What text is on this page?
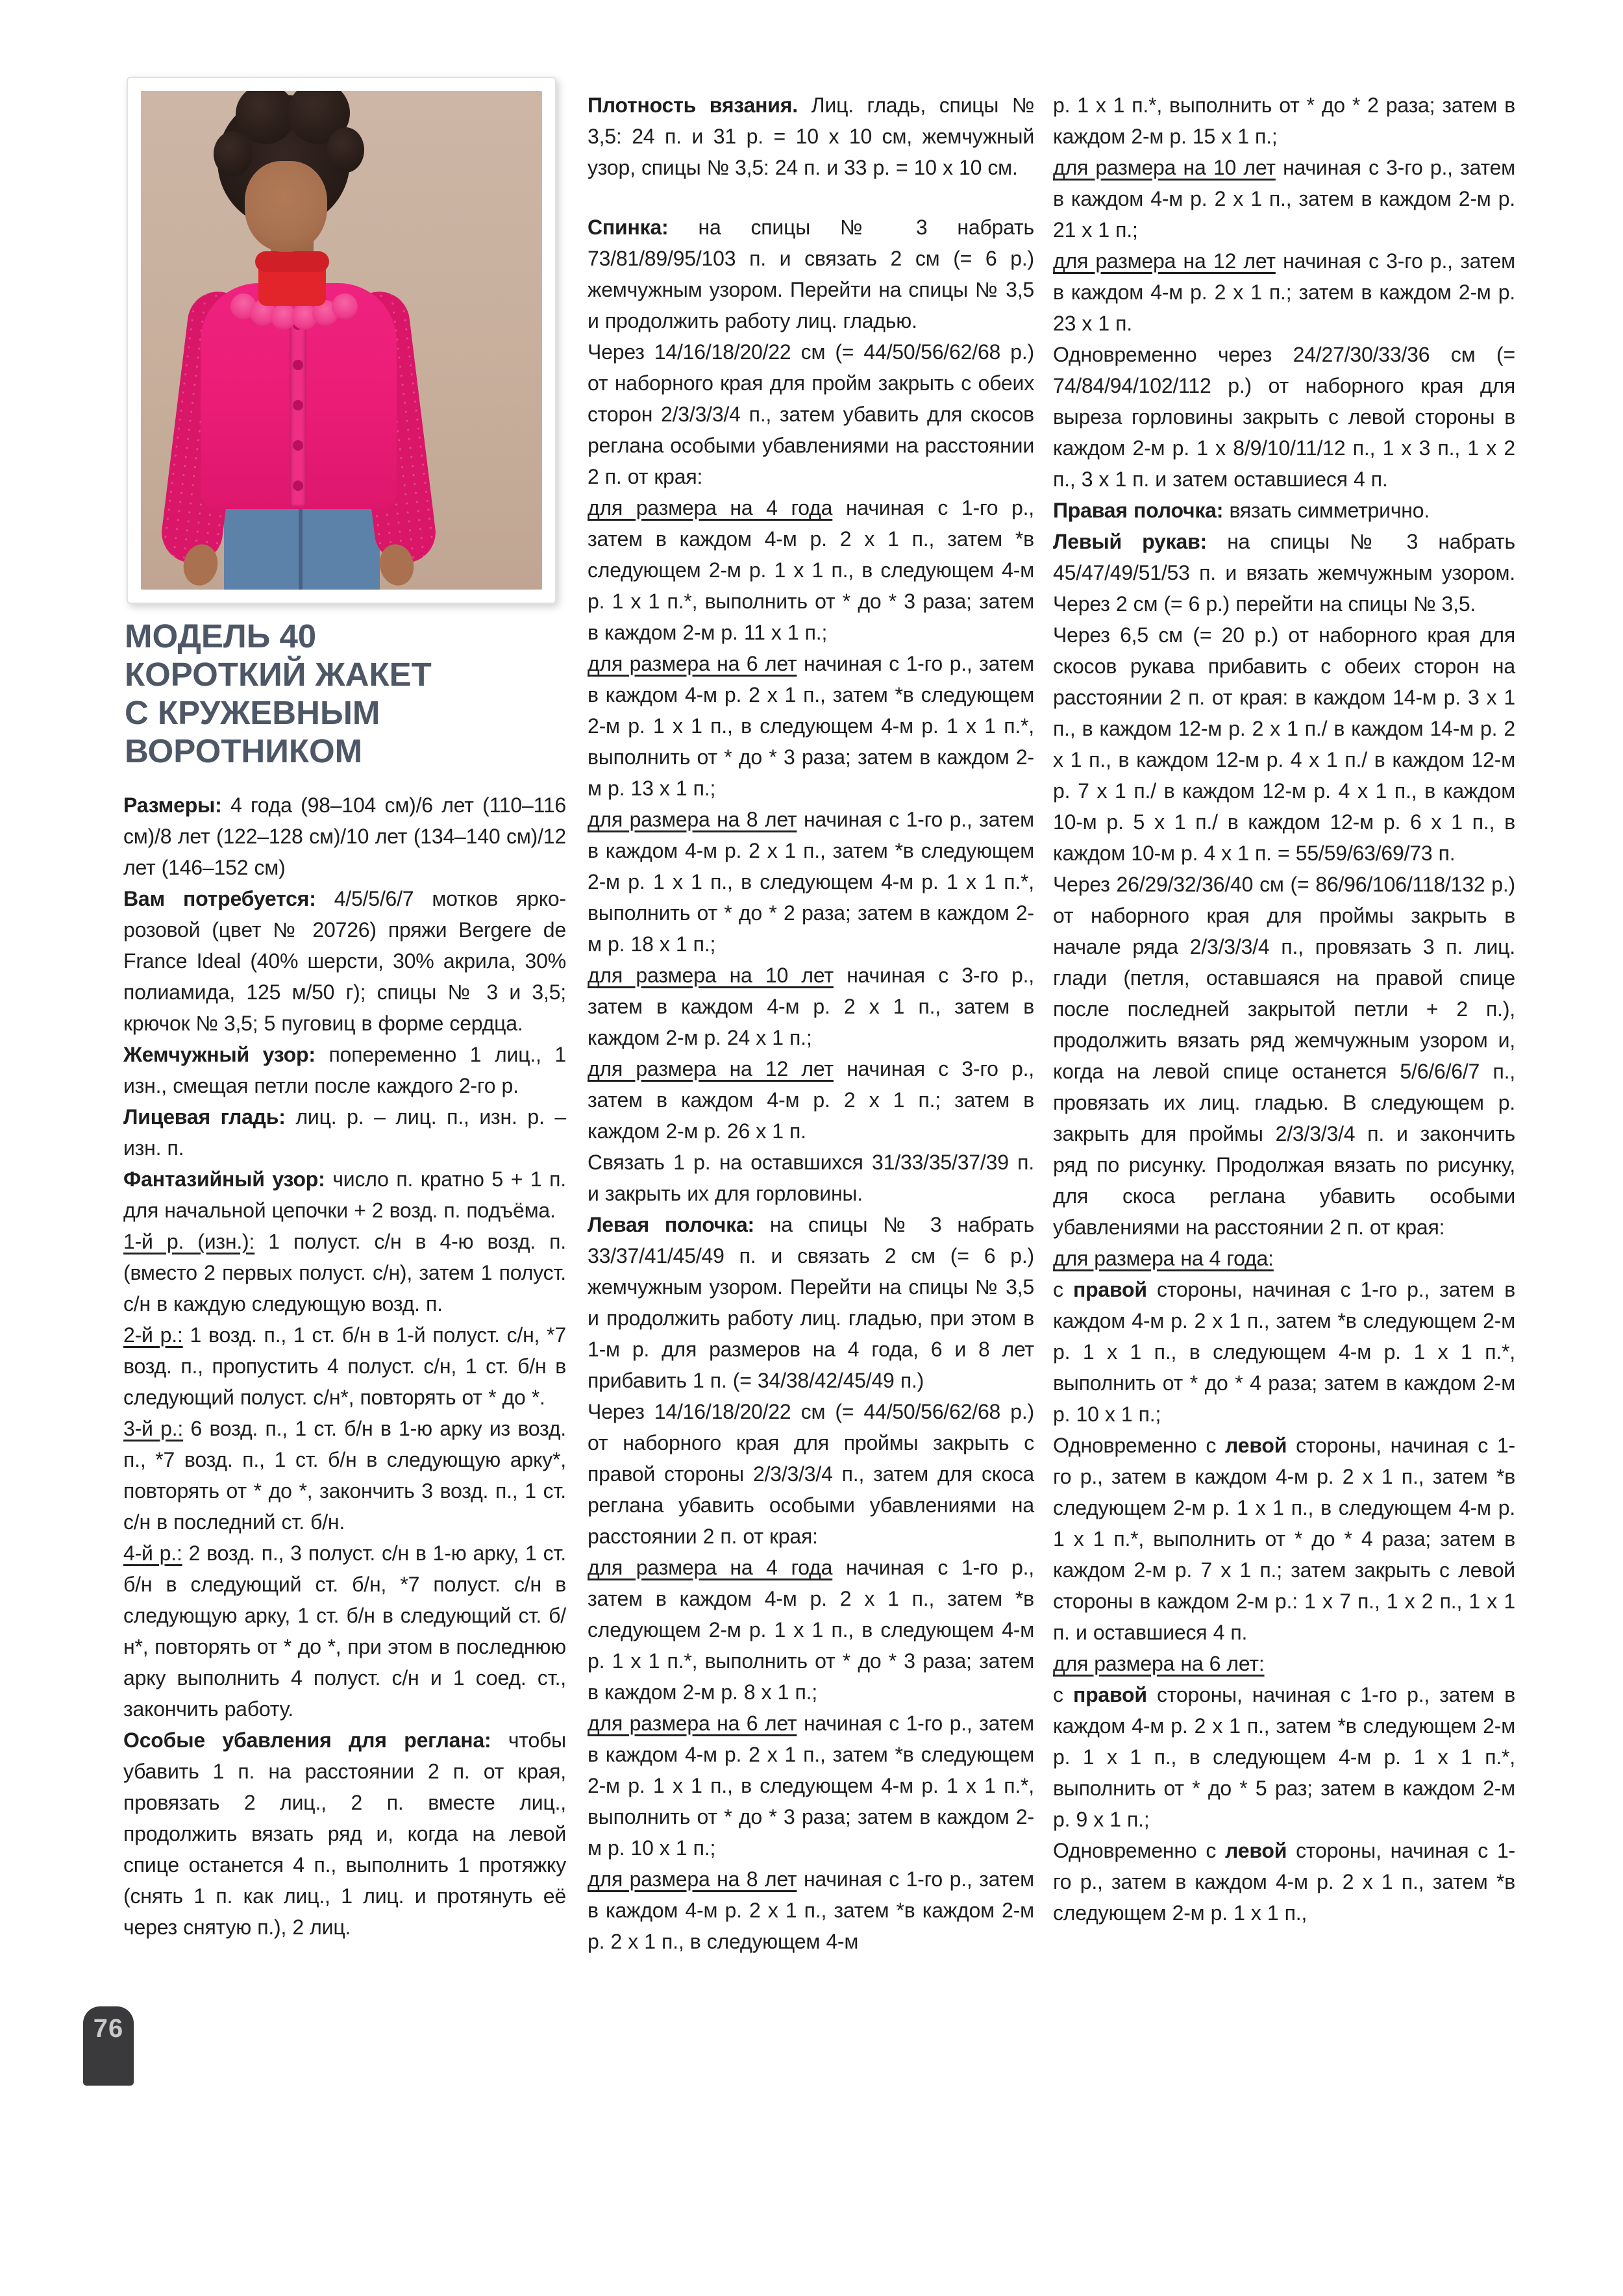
МОДЕЛЬ 40
КОРОТКИЙ ЖАКЕТ
С КРУЖЕВНЫМ
ВОРОТНИКОМ

Размеры: 4 года (98–104 см)/6 лет (110–116 см)/8 лет (122–128 см)/10 лет (134–140 см)/12 лет (146–152 см)

Вам потребуется: 4/5/5/6/7 мотков ярко-розовой (цвет № 20726) пряжи Bergere de France Ideal (40% шерсти, 30% акрила, 30% полиамида, 125 м/50 г); спицы № 3 и 3,5; крючок № 3,5; 5 пуговиц в форме сердца.

Жемчужный узор: попеременно 1 лиц., 1 изн., смещая петли после каждого 2-го р.

Лицевая гладь: лиц. р. – лиц. п., изн. р. – изн. п.

Фантазийный узор: число п. кратно 5 + 1 п. для начальной цепочки + 2 возд. п. подъёма.

1-й р. (изн.): 1 полуст. с/н в 4-ю возд. п. (вместо 2 первых полуст. с/н), затем 1 полуст. с/н в каждую следующую возд. п.

2-й р.: 1 возд. п., 1 ст. б/н в 1-й полуст. с/н, *7 возд. п., пропустить 4 полуст. с/н, 1 ст. б/н в следующий полуст. с/н*, повторять от * до *.

3-й р.: 6 возд. п., 1 ст. б/н в 1-ю арку из возд. п., *7 возд. п., 1 ст. б/н в следующую арку*, повторять от * до *, закончить 3 возд. п., 1 ст. с/н в последний ст. б/н.

4-й р.: 2 возд. п., 3 полуст. с/н в 1-ю арку, 1 ст. б/н в следующий ст. б/н, *7 полуст. с/н в следующую арку, 1 ст. б/н в следующий ст. б/н*, повторять от * до *, при этом в последнюю арку выполнить 4 полуст. с/н и 1 соед. ст., закончить работу.

Особые убавления для реглана: чтобы убавить 1 п. на расстоянии 2 п. от края, провязать 2 лиц., 2 п. вместе лиц., продолжить вязать ряд и, когда на левой спице останется 4 п., выполнить 1 протяжку (снять 1 п. как лиц., 1 лиц. и протянуть её через снятую п.), 2 лиц.

Плотность вязания. Лиц. гладь, спицы № 3,5: 24 п. и 31 р. = 10 х 10 см, жемчужный узор, спицы № 3,5: 24 п. и 33 р. = 10 х 10 см.

Спинка: на спицы № 3 набрать 73/81/89/95/103 п. и связать 2 см (= 6 р.) жемчужным узором. Перейти на спицы № 3,5 и продолжить работу лиц. гладью.

Через 14/16/18/20/22 см (= 44/50/56/62/68 р.) от наборного края для пройм закрыть с обеих сторон 2/3/3/3/4 п., затем убавить для скосов реглана особыми убавлениями на расстоянии 2 п. от края:

для размера на 4 года начиная с 1-го р., затем в каждом 4-м р. 2 х 1 п., затем *в следующем 2-м р. 1 х 1 п., в следующем 4-м р. 1 х 1 п.*, выполнить от * до * 3 раза; затем в каждом 2-м р. 11 х 1 п.;

для размера на 6 лет начиная с 1-го р., затем в каждом 4-м р. 2 х 1 п., затем *в следующем 2-м р. 1 х 1 п., в следующем 4-м р. 1 х 1 п.*, выполнить от * до * 3 раза; затем в каждом 2-м р. 13 х 1 п.;

для размера на 8 лет начиная с 1-го р., затем в каждом 4-м р. 2 х 1 п., затем *в следующем 2-м р. 1 х 1 п., в следующем 4-м р. 1 х 1 п.*, выполнить от * до * 2 раза; затем в каждом 2-м р. 18 х 1 п.;

для размера на 10 лет начиная с 3-го р., затем в каждом 4-м р. 2 х 1 п., затем в каждом 2-м р. 24 х 1 п.;

для размера на 12 лет начиная с 3-го р., затем в каждом 4-м р. 2 х 1 п.; затем в каждом 2-м р. 26 х 1 п.

Связать 1 р. на оставшихся 31/33/35/37/39 п. и закрыть их для горловины.

Левая полочка: на спицы № 3 набрать 33/37/41/45/49 п. и связать 2 см (= 6 р.) жемчужным узором. Перейти на спицы № 3,5 и продолжить работу лиц. гладью, при этом в 1-м р. для размеров на 4 года, 6 и 8 лет прибавить 1 п. (= 34/38/42/45/49 п.)

Через 14/16/18/20/22 см (= 44/50/56/62/68 р.) от наборного края для проймы закрыть с правой стороны 2/3/3/3/4 п., затем для скоса реглана убавить особыми убавлениями на расстоянии 2 п. от края:

для размера на 4 года начиная с 1-го р., затем в каждом 4-м р. 2 х 1 п., затем *в следующем 2-м р. 1 х 1 п., в следующем 4-м р. 1 х 1 п.*, выполнить от * до * 3 раза; затем в каждом 2-м р. 8 х 1 п.;

для размера на 6 лет начиная с 1-го р., затем в каждом 4-м р. 2 х 1 п., затем *в следующем 2-м р. 1 х 1 п., в следующем 4-м р. 1 х 1 п.*, выполнить от * до * 3 раза; затем в каждом 2-м р. 10 х 1 п.;

для размера на 8 лет начиная с 1-го р., затем в каждом 4-м р. 2 х 1 п., затем *в каждом 2-м р. 2 х 1 п., в следующем 4-м

р. 1 х 1 п.*, выполнить от * до * 2 раза; затем в каждом 2-м р. 15 х 1 п.;

для размера на 10 лет начиная с 3-го р., затем в каждом 4-м р. 2 х 1 п., затем в каждом 2-м р. 21 х 1 п.;

для размера на 12 лет начиная с 3-го р., затем в каждом 4-м р. 2 х 1 п.; затем в каждом 2-м р. 23 х 1 п.

Одновременно через 24/27/30/33/36 см (= 74/84/94/102/112 р.) от наборного края для выреза горловины закрыть с левой стороны в каждом 2-м р. 1 х 8/9/10/11/12 п., 1 х 3 п., 1 х 2 п., 3 х 1 п. и затем оставшиеся 4 п.

Правая полочка: вязать симметрично.

Левый рукав: на спицы № 3 набрать 45/47/49/51/53 п. и вязать жемчужным узором. Через 2 см (= 6 р.) перейти на спицы № 3,5.

Через 6,5 см (= 20 р.) от наборного края для скосов рукава прибавить с обеих сторон на расстоянии 2 п. от края: в каждом 14-м р. 3 х 1 п., в каждом 12-м р. 2 х 1 п./ в каждом 14-м р. 2 х 1 п., в каждом 12-м р. 4 х 1 п./ в каждом 12-м р. 7 х 1 п./ в каждом 12-м р. 4 х 1 п., в каждом 10-м р. 5 х 1 п./ в каждом 12-м р. 6 х 1 п., в каждом 10-м р. 4 х 1 п. = 55/59/63/69/73 п.

Через 26/29/32/36/40 см (= 86/96/106/118/132 р.) от наборного края для проймы закрыть в начале ряда 2/3/3/3/4 п., провязать 3 п. лиц. глади (петля, оставшаяся на правой спице после последней закрытой петли + 2 п.), продолжить вязать ряд жемчужным узором и, когда на левой спице останется 5/6/6/6/7 п., провязать их лиц. гладью. В следующем р. закрыть для проймы 2/3/3/3/4 п. и закончить ряд по рисунку. Продолжая вязать по рисунку, для скоса реглана убавить особыми убавлениями на расстоянии 2 п. от края:

для размера на 4 года:

с правой стороны, начиная с 1-го р., затем в каждом 4-м р. 2 х 1 п., затем *в следующем 2-м р. 1 х 1 п., в следующем 4-м р. 1 х 1 п.*, выполнить от * до * 4 раза; затем в каждом 2-м р. 10 х 1 п.;

Одновременно с левой стороны, начиная с 1-го р., затем в каждом 4-м р. 2 х 1 п., затем *в следующем 2-м р. 1 х 1 п., в следующем 4-м р. 1 х 1 п.*, выполнить от * до * 4 раза; затем в каждом 2-м р. 7 х 1 п.; затем закрыть с левой стороны в каждом 2-м р.: 1 х 7 п., 1 х 2 п., 1 х 1 п. и оставшиеся 4 п.

для размера на 6 лет:

с правой стороны, начиная с 1-го р., затем в каждом 4-м р. 2 х 1 п., затем *в следующем 2-м р. 1 х 1 п., в следующем 4-м р. 1 х 1 п.*, выполнить от * до * 5 раз; затем в каждом 2-м р. 9 х 1 п.;

Одновременно с левой стороны, начиная с 1-го р., затем в каждом 4-м р. 2 х 1 п., затем *в следующем 2-м р. 1 х 1 п.,

76
